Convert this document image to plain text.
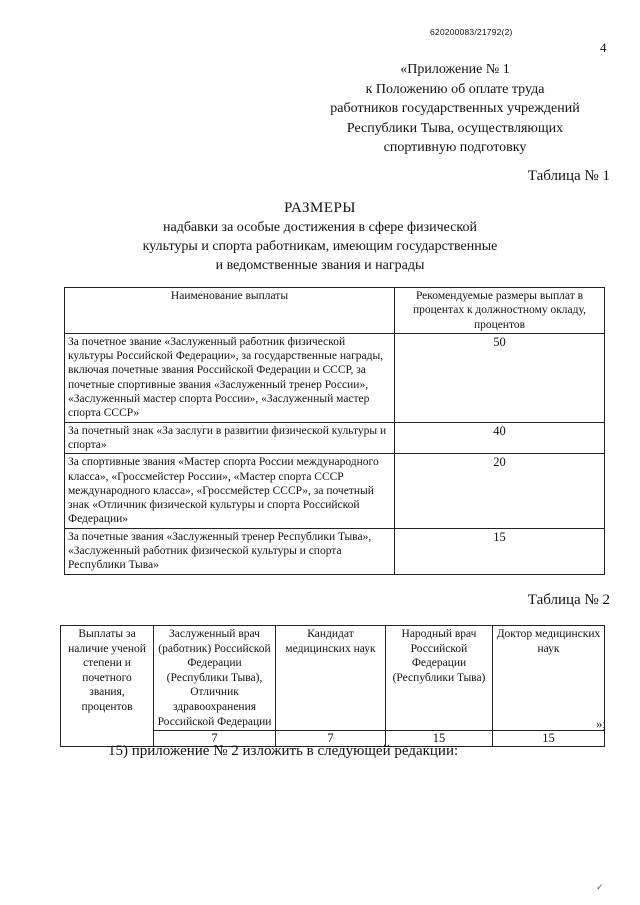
620200083/21792(2)
4
«Приложение № 1
к Положению об оплате труда
работников государственных учреждений
Республики Тыва, осуществляющих
спортивную подготовку
Таблица № 1
РАЗМЕРЫ
надбавки за особые достижения в сфере физической
культуры и спорта работникам, имеющим государственные
и ведомственные звания и награды
Наименование выплаты	Рекомендуемые размеры выплат в процентах к должностному окладу, процентов
За почетное звание «Заслуженный работник физической культуры Российской Федерации», за государственные награды, включая почетные звания Российской Федерации и СССР, за почетные спортивные звания «Заслуженный тренер России», «Заслуженный мастер спорта России», «Заслуженный мастер спорта СССР»	50
За почетный знак «За заслуги в развитии физической культуры и спорта»	40
За спортивные звания «Мастер спорта России международного класса», «Гроссмейстер России», «Мастер спорта СССР международного класса», «Гроссмейстер СССР», за почетный знак «Отличник физической культуры и спорта Российской Федерации»	20
За почетные звания «Заслуженный тренер Республики Тыва», «Заслуженный работник физической культуры и спорта Республики Тыва»	15
Таблица № 2
Выплаты за наличие ученой степени и почетного звания, процентов	Заслуженный врач (работник) Российской Федерации (Республики Тыва), Отличник здравоохранения Российской Федерации	Кандидат медицинских наук	Народный врач Российской Федерации (Республики Тыва)	Доктор медицинских наук
	7	7	15	15
»;
15) приложение № 2 изложить в следующей редакции:
✓
